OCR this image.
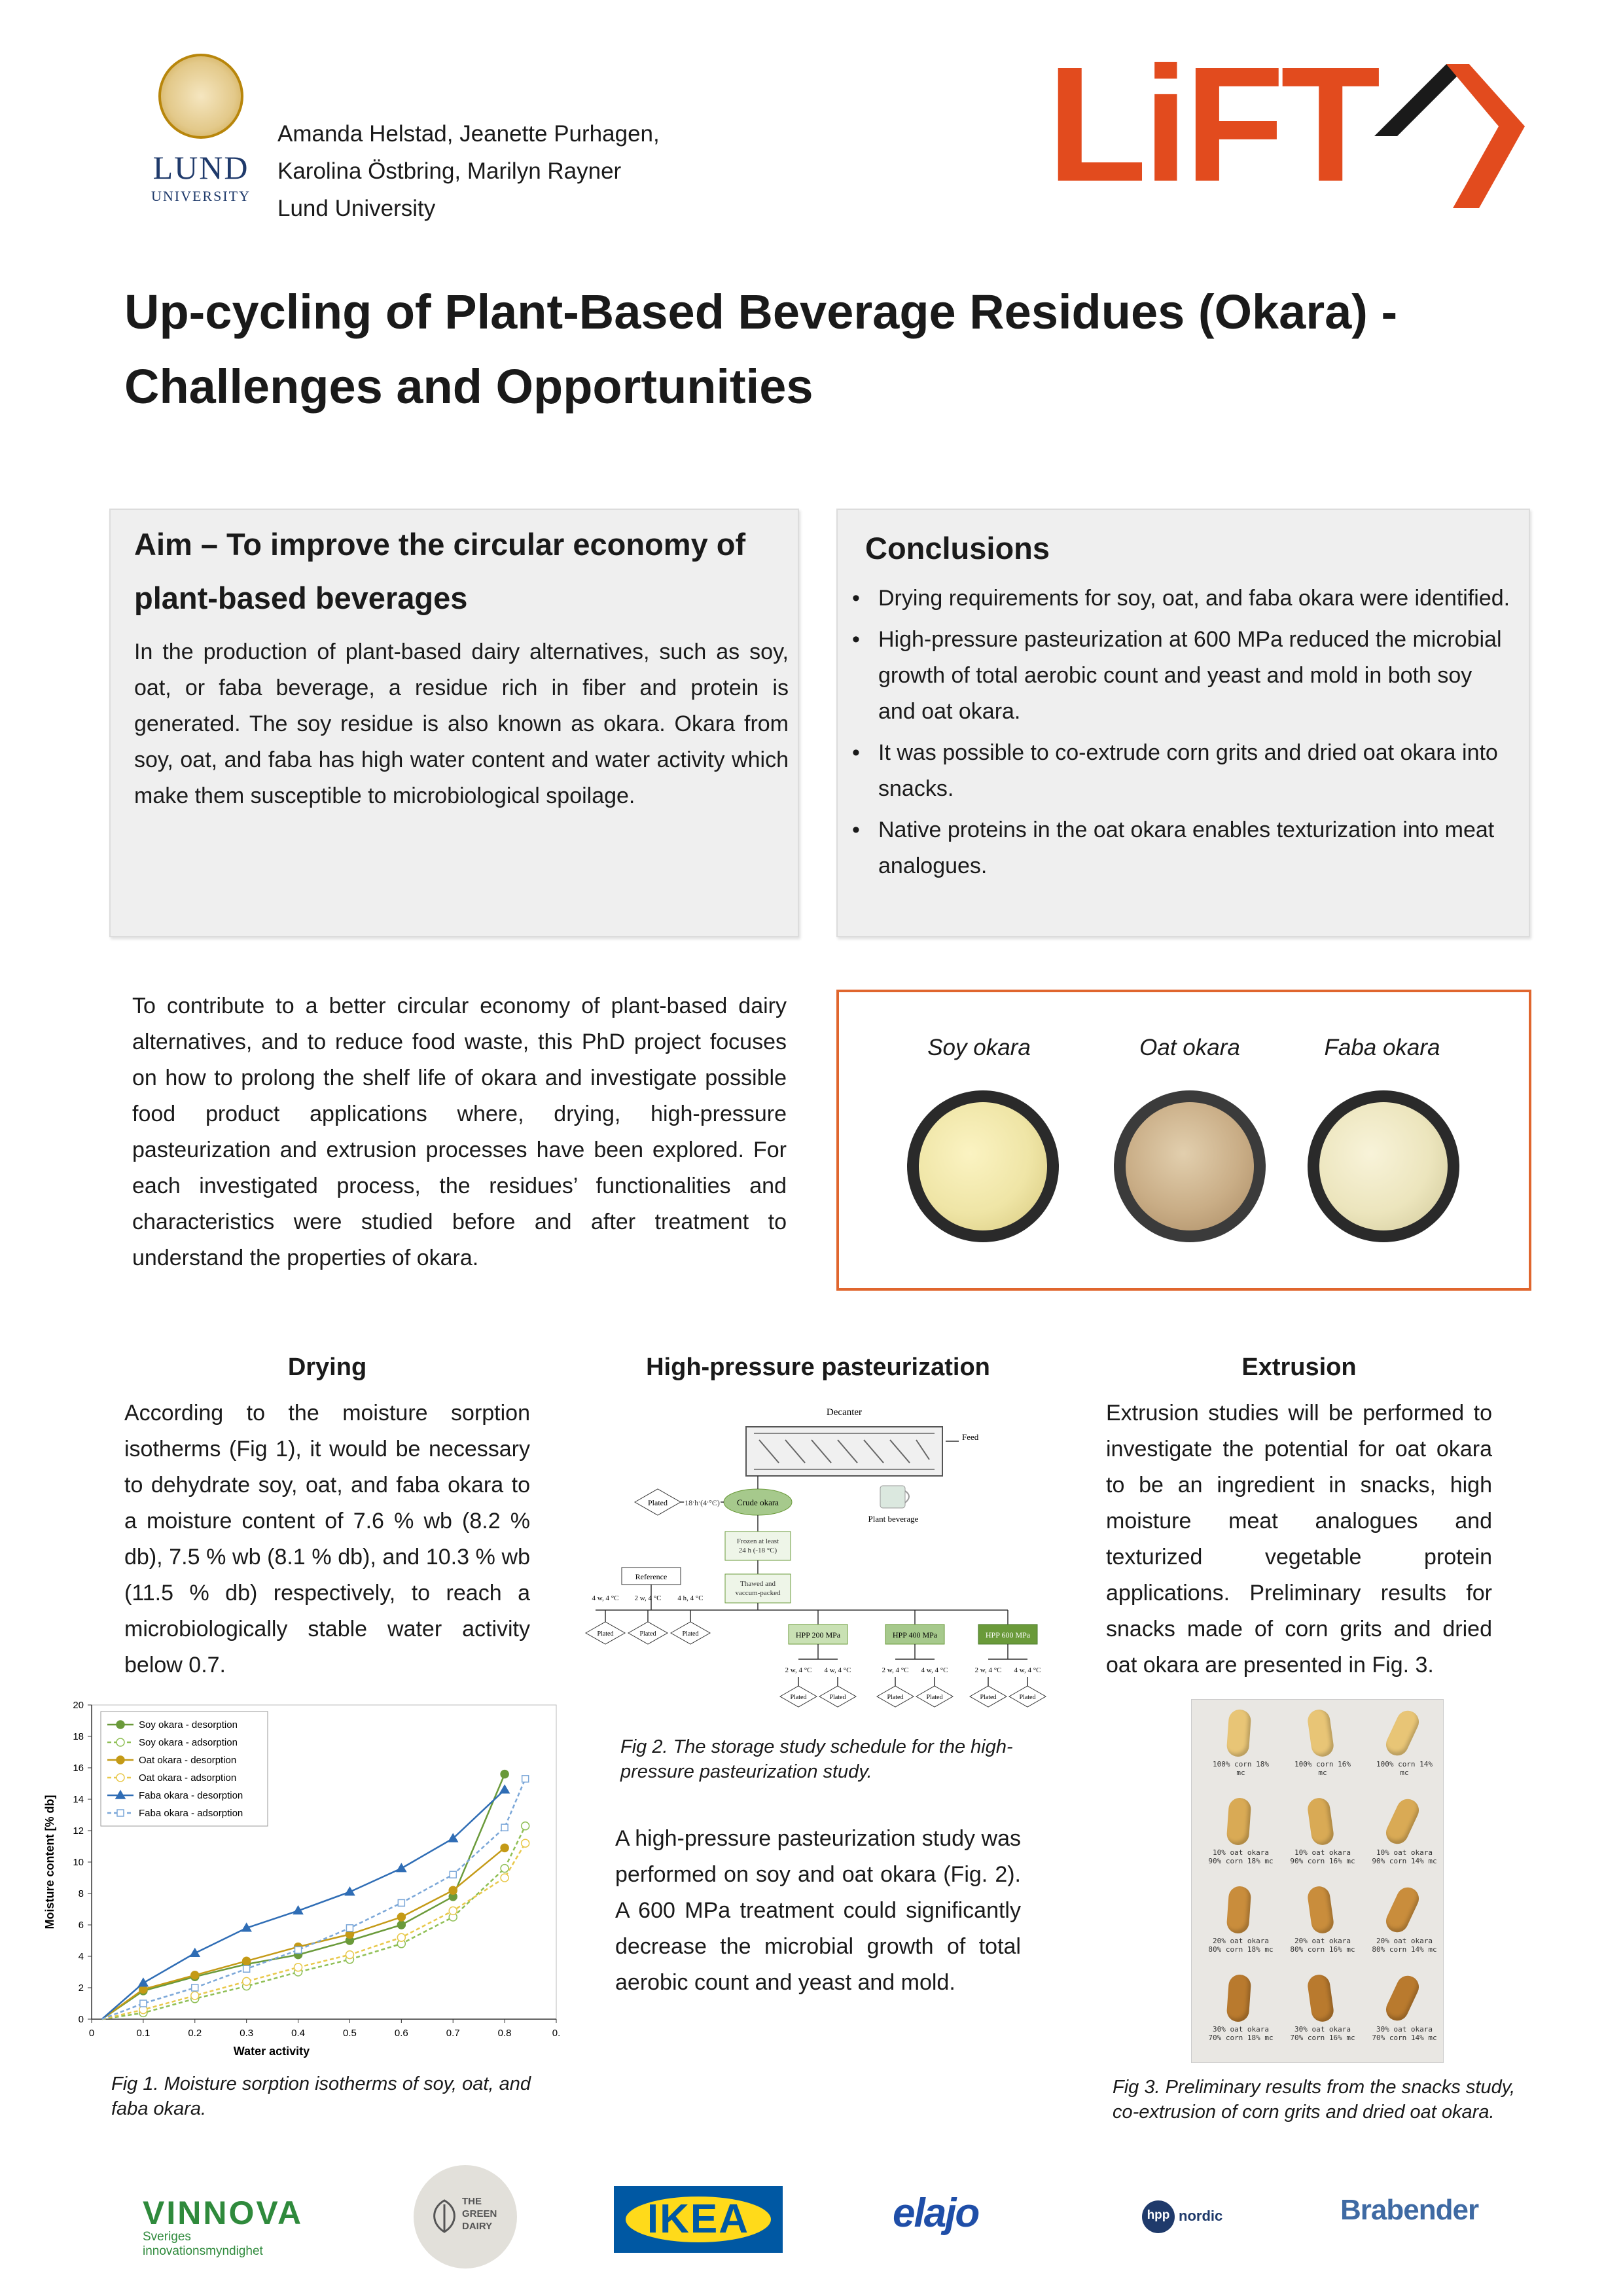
LUND
UNIVERSITY
Amanda Helstad, Jeanette Purhagen,
Karolina Östbring, Marilyn Rayner
Lund University	LiFT
Up-cycling of Plant-Based Beverage Residues (Okara) -
Challenges and Opportunities
Aim – To improve the circular economy of
plant-based beverages
In the production of plant-based dairy alternatives, such as soy, oat, or faba beverage, a residue rich in fiber and protein is generated. The soy residue is also known as okara. Okara from soy, oat, and faba has high water content and water activity which make them susceptible to microbiological spoilage.
Conclusions
• Drying requirements for soy, oat, and faba okara were identified.
• High-pressure pasteurization at 600 MPa reduced the microbial growth of total aerobic count and yeast and mold in both soy and oat okara.
• It was possible to co-extrude corn grits and dried oat okara into snacks.
• Native proteins in the oat okara enables texturization into meat analogues.
To contribute to a better circular economy of plant-based dairy alternatives, and to reduce food waste, this PhD project focuses on how to prolong the shelf life of okara and investigate possible food product applications where, drying, high-pressure pasteurization and extrusion processes have been explored. For each investigated process, the residues’ functionalities and characteristics were studied before and after treatment to understand the properties of okara.
Soy okara	Oat okara	Faba okara
Drying
According to the moisture sorption isotherms (Fig 1), it would be necessary to dehydrate soy, oat, and faba okara to a moisture content of 7.6 % wb (8.2 % db), 7.5 % wb (8.1 % db), and 10.3 % wb (11.5 % db) respectively, to reach a microbiologically stable water activity below 0.7.
0	0.1	0.2	0.3	0.4	0.5	0.6	0.7	0.8	0.
0
2
4
6
8
10
12
14
16
18
20
Water activity
Moisture content [% db]
Soy okara - desorption
Soy okara - adsorption
Oat okara - desorption
Oat okara - adsorption
Faba okara - desorption
Faba okara - adsorption
Fig 1. Moisture sorption isotherms of soy, oat, and faba okara.
High-pressure pasteurization
Decanter
Feed
Plant beverage
Crude okara
Plated 18 h (4 °C)
Frozen at least 24 h (-18 °C)
Thawed and vaccum-packed
Reference
4 w, 4 °C 2 w, 4 °C 4 h, 4 °C
Plated	Plated	Plated	HPP 200 MPa	HPP 400 MPa	HPP 600 MPa
2 w, 4 °C 4 w, 4 °C	2 w, 4 °C 4 w, 4 °C	2 w, 4 °C 4 w, 4 °C
Plated	Plated	Plated	Plated	Plated	Plated
Fig 2. The storage study schedule for the high-pressure pasteurization study.
A high-pressure pasteurization study was performed on soy and oat okara (Fig. 2). A 600 MPa treatment could significantly decrease the microbial growth of total aerobic count and yeast and mold.
Extrusion
Extrusion studies will be performed to investigate the potential for oat okara to be an ingredient in snacks, high moisture meat analogues and texturized vegetable protein applications. Preliminary results for snacks made of corn grits and dried oat okara are presented in Fig. 3.
100% corn 18% mc
100% corn 16% mc
100% corn 14% mc
10% oat okara 90% corn 18% mc
10% oat okara 90% corn 16% mc
10% oat okara 90% corn 14% mc
20% oat okara 80% corn 18% mc
20% oat okara 80% corn 16% mc
20% oat okara 80% corn 14% mc
30% oat okara 70% corn 18% mc
30% oat okara 70% corn 16% mc
30% oat okara 70% corn 14% mc
Fig 3. Preliminary results from the snacks study, co-extrusion of corn grits and dried oat okara.
VINNOVA
Sveriges innovationsmyndighet
THE
GREEN
DAIRY	IKEA	elajo	hpp nordic	Brabender
